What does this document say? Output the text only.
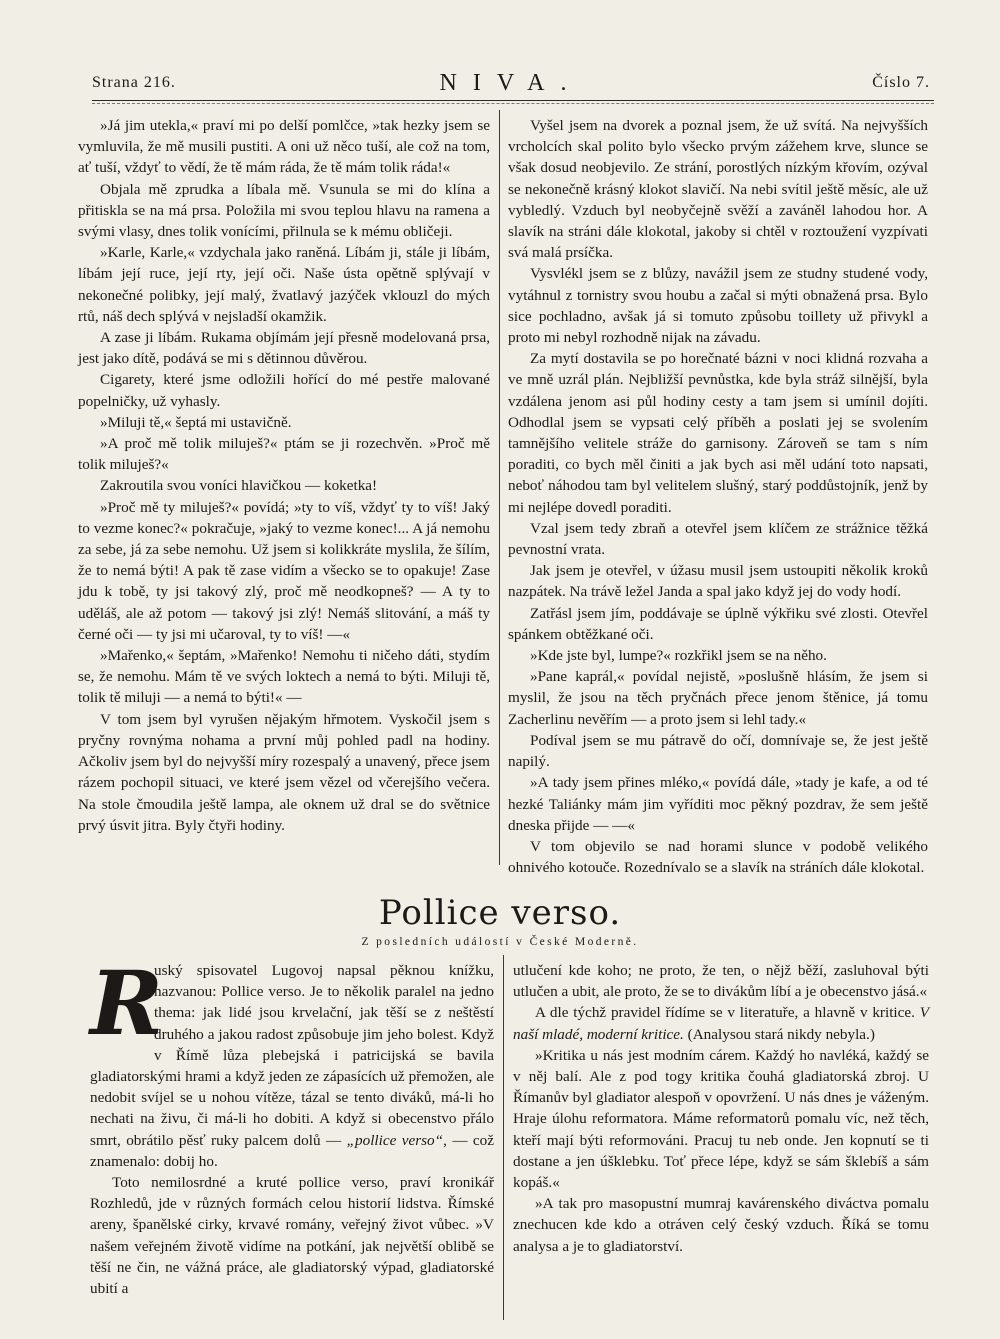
Strana 216.	NIVA.	Číslo 7.

»Já jim utekla,« praví mi po delší pomlčce, »tak hezky jsem se vymluvila, že mě musili pustiti. A oni už něco tuší, ale což na tom, ať tuší, vždyť to vědí, že tě mám ráda, že tě mám tolik ráda!«

Objala mě zprudka a líbala mě. Vsunula se mi do klína a přitiskla se na má prsa. Položila mi svou teplou hlavu na ramena a svými vlasy, dnes tolik vonícími, přilnula se k mému obličeji.

»Karle, Karle,« vzdychala jako raněná. Líbám ji, stále ji líbám, líbám její ruce, její rty, její oči. Naše ústa opětně splývají v nekonečné polibky, její malý, žvatlavý jazýček vklouzl do mých rtů, náš dech splývá v nejsladší okamžik.

A zase ji líbám. Rukama objímám její přesně modelovaná prsa, jest jako dítě, podává se mi s dětinnou důvěrou.

Cigarety, které jsme odložili hořící do mé pestře malované popelničky, už vyhasly.

»Miluji tě,« šeptá mi ustavičně.

»A proč mě tolik miluješ?« ptám se ji rozechvěn. »Proč mě tolik miluješ?«

Zakroutila svou voníci hlavičkou — koketka!

»Proč mě ty miluješ?« povídá; »ty to víš, vždyť ty to víš! Jaký to vezme konec?« pokračuje, »jaký to vezme konec!... A já nemohu za sebe, já za sebe nemohu. Už jsem si kolikkráte myslila, že šílím, že to nemá býti! A pak tě zase vidím a všecko se to opakuje! Zase jdu k tobě, ty jsi takový zlý, proč mě neodkopneš? — A ty to uděláš, ale až potom — takový jsi zlý! Nemáš slitování, a máš ty černé oči — ty jsi mi učaroval, ty to víš! —«

»Mařenko,« šeptám, »Mařenko! Nemohu ti ničeho dáti, stydím se, že nemohu. Mám tě ve svých loktech a nemá to býti. Miluji tě, tolik tě miluji — a nemá to býti!« —

V tom jsem byl vyrušen nějakým hřmotem. Vyskočil jsem s pryčny rovnýma nohama a první můj pohled padl na hodiny. Ačkoliv jsem byl do nejvyšší míry rozespalý a unavený, přece jsem rázem pochopil situaci, ve které jsem vězel od včerejšího večera. Na stole čmoudila ještě lampa, ale oknem už dral se do světnice prvý úsvit jitra. Byly čtyři hodiny.

Vyšel jsem na dvorek a poznal jsem, že už svítá. Na nejvyšších vrcholcích skal polito bylo všecko prvým zážehem krve, slunce se však dosud neobjevilo. Ze strání, porostlých nízkým křovím, ozýval se nekonečně krásný klokot slavičí. Na nebi svítil ještě měsíc, ale už vybledlý. Vzduch byl neobyčejně svěží a zaváněl lahodou hor. A slavík na stráni dále klokotal, jakoby si chtěl v roztoužení vyzpívati svá malá prsíčka.

Vysvlékl jsem se z blůzy, navážil jsem ze studny studené vody, vytáhnul z tornistry svou houbu a začal si mýti obnažená prsa. Bylo sice pochladno, avšak já si tomuto způsobu toillety už přivykl a proto mi nebyl rozhodně nijak na závadu.

Za mytí dostavila se po horečnaté bázni v noci klidná rozvaha a ve mně uzrál plán. Nejbližší pevnůstka, kde byla stráž silnější, byla vzdálena jenom asi půl hodiny cesty a tam jsem si umínil dojíti. Odhodlal jsem se vypsati celý příběh a poslati jej se svolením tamnějšího velitele stráže do garnisony. Zároveň se tam s ním poraditi, co bych měl činiti a jak bych asi měl udání toto napsati, neboť náhodou tam byl velitelem slušný, starý poddůstojník, jenž by mi nejlépe dovedl poraditi.

Vzal jsem tedy zbraň a otevřel jsem klíčem ze strážnice těžká pevnostní vrata.

Jak jsem je otevřel, v úžasu musil jsem ustoupiti několik kroků nazpátek. Na trávě ležel Janda a spal jako když jej do vody hodí.

Zatřásl jsem jím, poddávaje se úplně výkřiku své zlosti. Otevřel spánkem obtěžkané oči.

»Kde jste byl, lumpe?« rozkřikl jsem se na něho.

»Pane kaprál,« povídal nejistě, »poslušně hlásím, že jsem si myslil, že jsou na těch pryčnách přece jenom štěnice, já tomu Zacherlinu nevěřím — a proto jsem si lehl tady.«

Podíval jsem se mu pátravě do očí, domnívaje se, že jest ještě napilý.

»A tady jsem přines mléko,« povídá dále, »tady je kafe, a od té hezké Taliánky mám jim vyříditi moc pěkný pozdrav, že sem ještě dneska přijde — —«

V tom objevilo se nad horami slunce v podobě velikého ohnivého kotouče. Rozednívalo se a slavík na stráních dále klokotal.

Pollice verso.
Z posledních událostí v České Moderně.

R
uský spisovatel Lugovoj napsal pěknou knížku, nazvanou: Pollice verso. Je to několik paralel na jedno thema: jak lidé jsou krvelační, jak těší se z neštěstí druhého a jakou radost způsobuje jim jeho bolest. Když v Římě lůza plebejská i patricijská se bavila gladiatorskými hrami a když jeden ze zápasících už přemožen, ale nedobit svíjel se u nohou vítěze, tázal se tento diváků, má-li ho nechati na živu, či má-li ho dobiti. A když si obecenstvo přálo smrt, obrátilo pěsť ruky palcem dolů — „pollice verso“, — což znamenalo: dobij ho.

Toto nemilosrdné a kruté pollice verso, praví kronikář Rozhledů, jde v různých formách celou historií lidstva. Římské areny, španělské cirky, krvavé romány, veřejný život vůbec. »V našem veřejném životě vidíme na potkání, jak největší oblibě se těší ne čin, ne vážná práce, ale gladiatorský výpad, gladiatorské ubití a

utlučení kde koho; ne proto, že ten, o nějž běží, zasluhoval býti utlučen a ubit, ale proto, že se to divákům líbí a je obecenstvo jásá.«

A dle týchž pravidel řídíme se v literatuře, a hlavně v kritice. V naší mladé, moderní kritice. (Analysou stará nikdy nebyla.)

»Kritika u nás jest modním cárem. Každý ho navléká, každý se v něj balí. Ale z pod togy kritika čouhá gladiatorská zbroj. U Římanův byl gladiator alespoň v opovržení. U nás dnes je váženým. Hraje úlohu reformatora. Máme reformatorů pomalu víc, než těch, kteří mají býti reformováni. Pracuj tu neb onde. Jen kopnutí se ti dostane a jen úšklebku. Toť přece lépe, když se sám šklebíš a sám kopáš.«

»A tak pro masopustní mumraj kavárenského diváctva pomalu znechucen kde kdo a otráven celý český vzduch. Říká se tomu analysa a je to gladiatorství.
